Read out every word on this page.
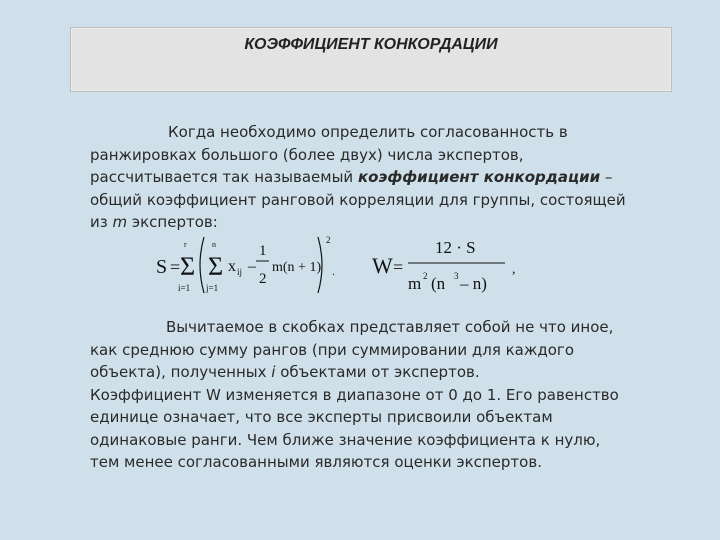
КОЭФФИЦИЕНТ КОНКОРДАЦИИ
Когда необходимо определить согласованность в ранжировках большого (более двух) числа экспертов, рассчитывается так называемый коэффициент конкордации – общий коэффициент ранговой корреляции для группы, состоящей из m экспертов:
S =
r
Σ
i=1
n
Σ
j=1
x ij –
1
2
m(n + 1)
2
. W =
12 · S
m 2 (n 3 – n)
,
Вычитаемое в скобках представляет собой не что иное, как среднюю сумму рангов (при суммировании для каждого объекта), полученных i объектами от экспертов.
Коэффициент W изменяется в диапазоне от 0 до 1. Его равенство единице означает, что все эксперты присвоили объектам одинаковые ранги. Чем ближе значение коэффициента к нулю, тем менее согласованными являются оценки экспертов.
